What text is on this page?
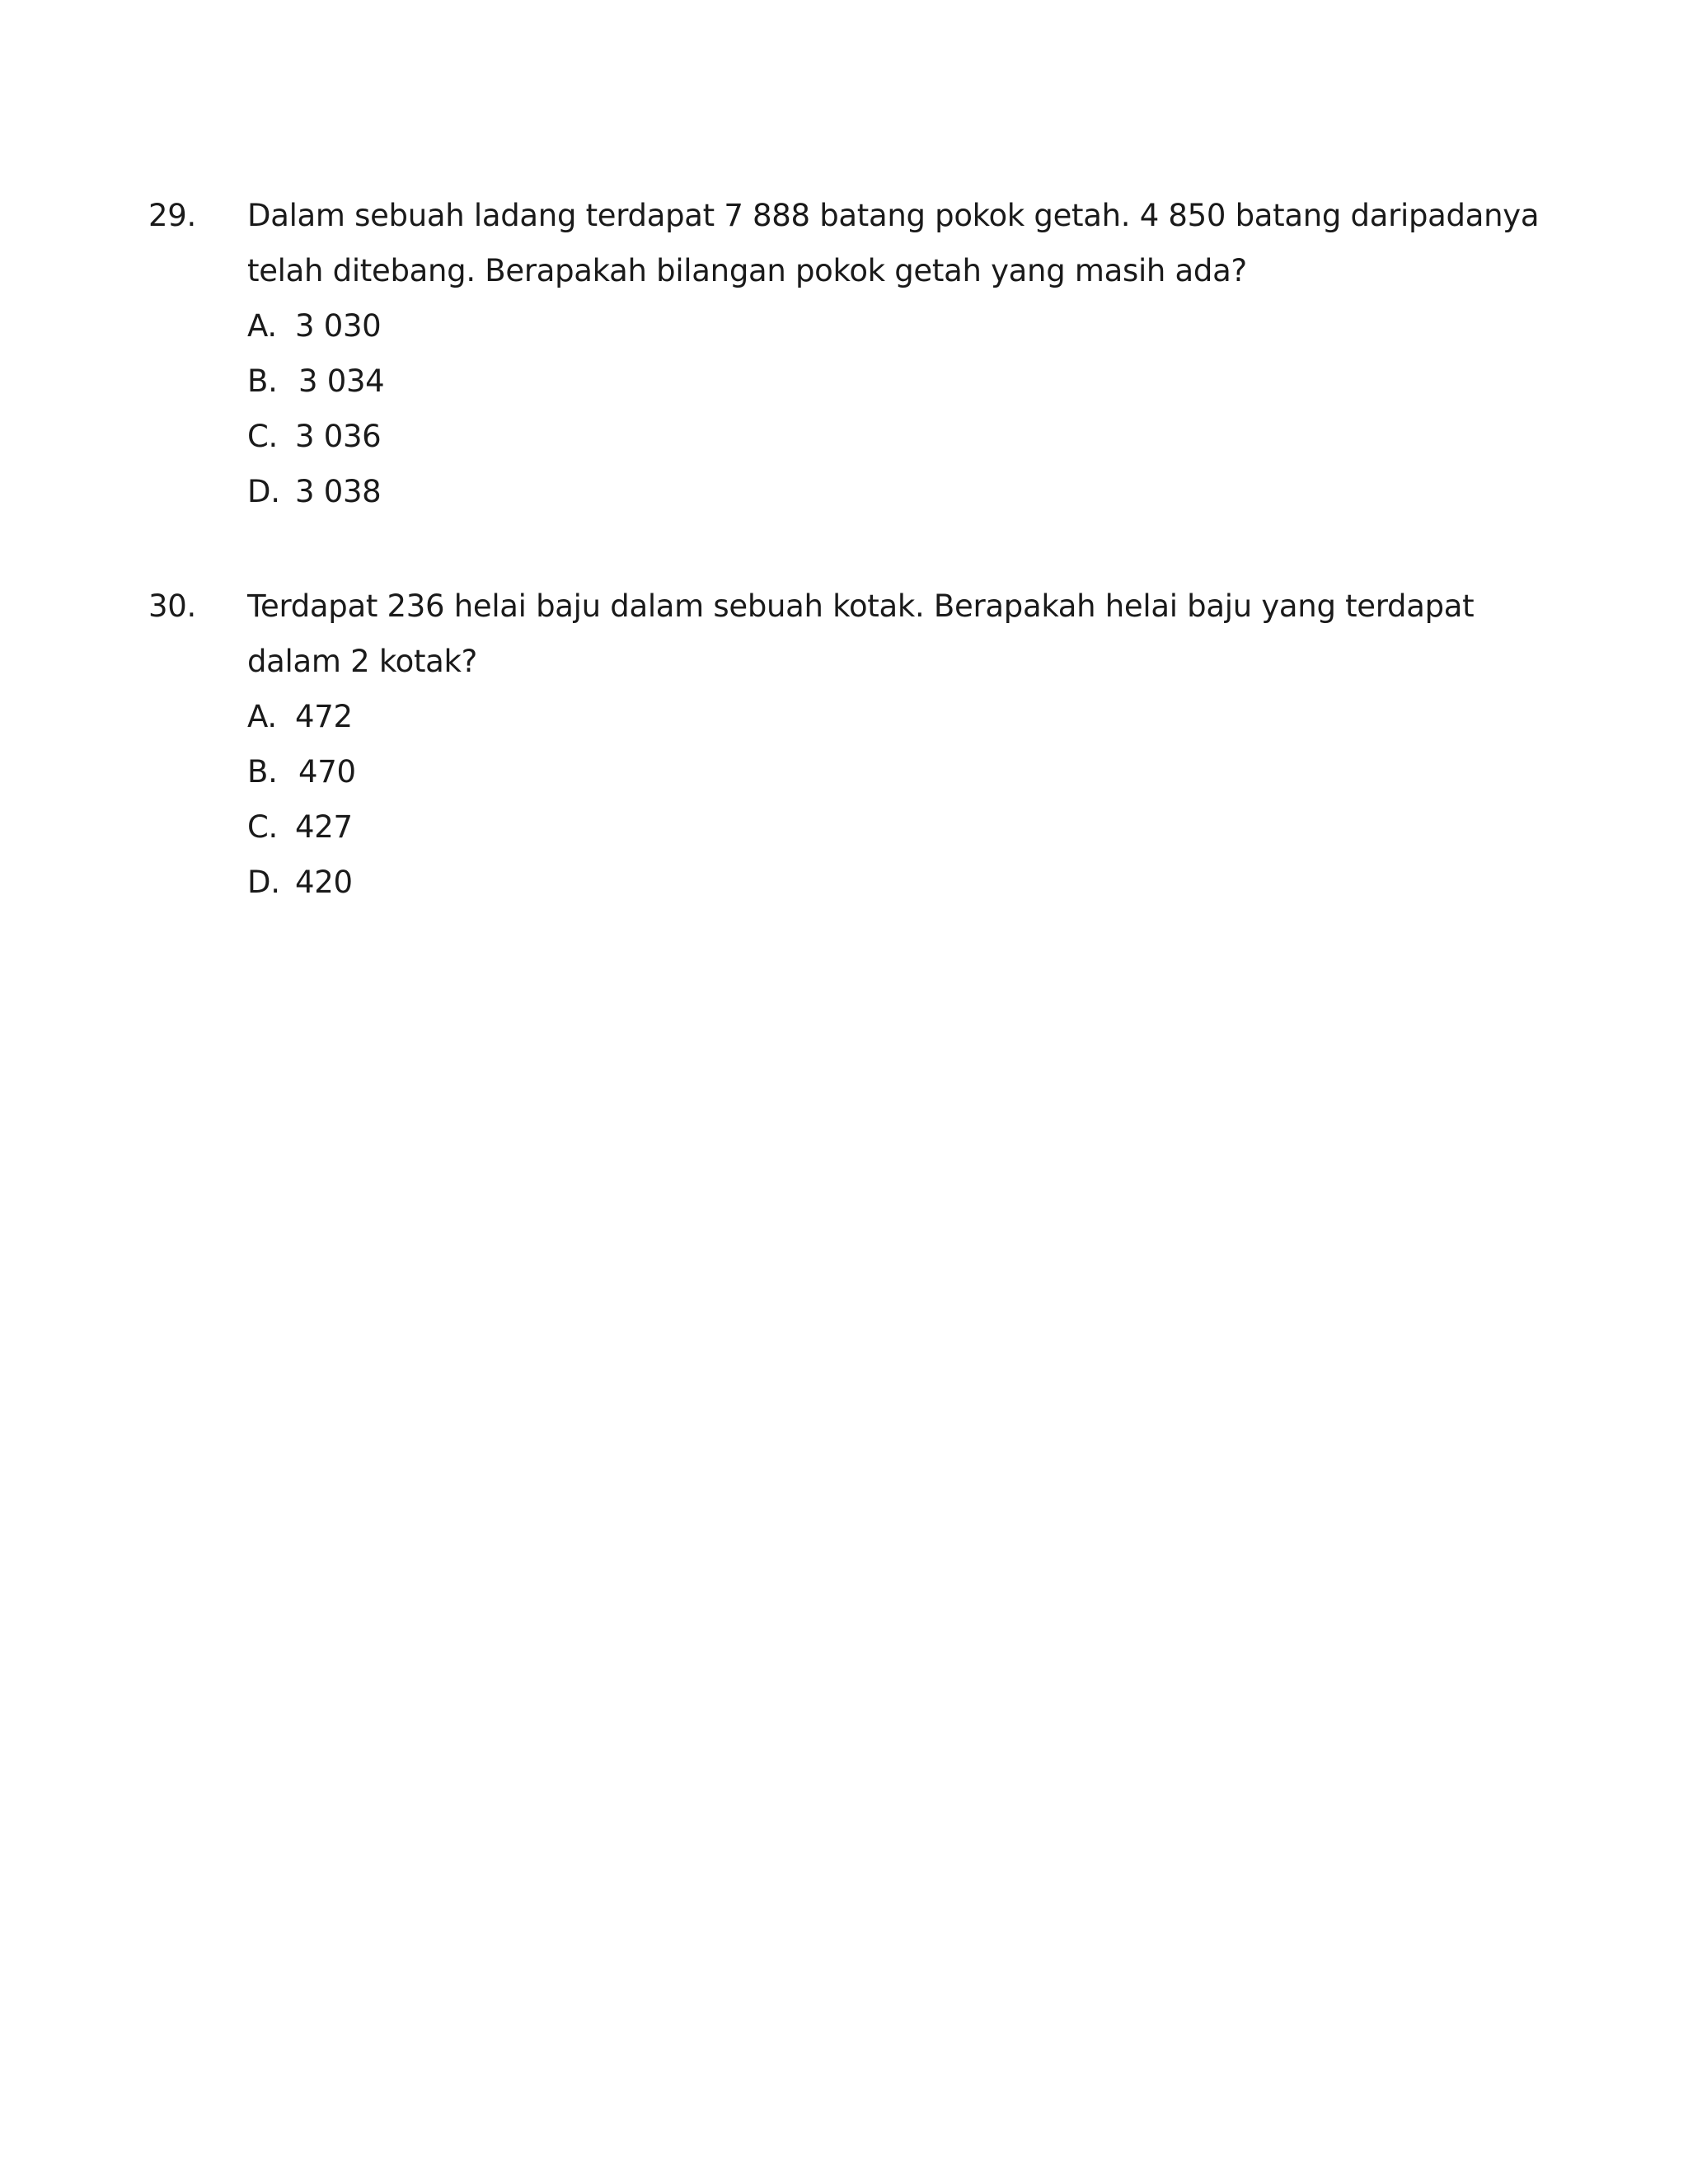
29.	Dalam sebuah ladang terdapat 7 888 batang pokok getah. 4 850 batang daripadanya telah ditebang. Berapakah bilangan pokok getah yang masih ada?
A. 3 030
B. 3 034
C. 3 036
D. 3 038
30.	Terdapat 236 helai baju dalam sebuah kotak. Berapakah helai baju yang terdapat dalam 2 kotak?
A. 472
B. 470
C. 427
D. 420
